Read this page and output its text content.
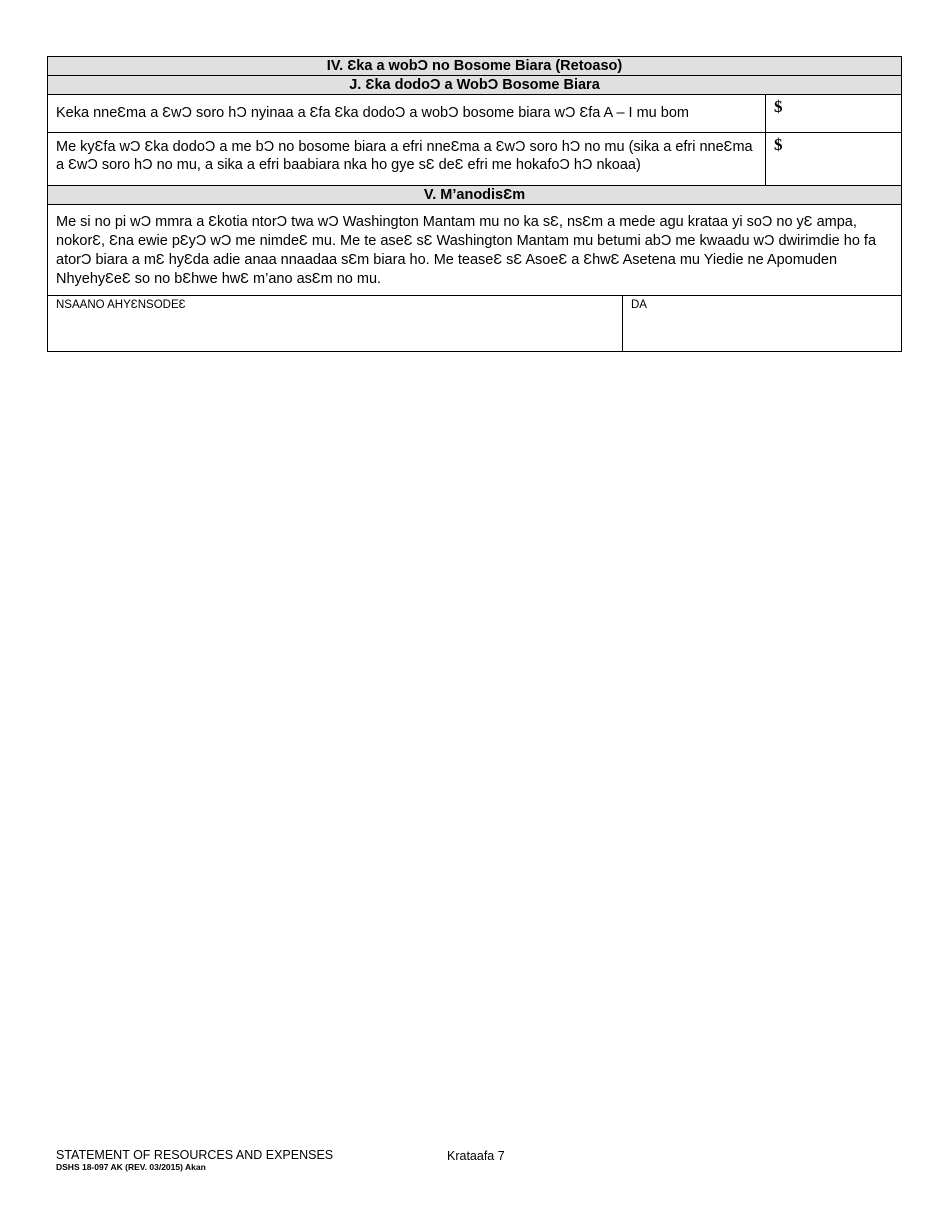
IV. Ɛka a wobƆ no Bosome Biara (Retoaso)
J. Ɛka dodoƆ a WobƆ Bosome Biara
Keka nneƐma a ƐwƆ soro hƆ nyinaa a Ɛfa Ɛka dodoƆ a wobƆ bosome biara wƆ Ɛfa A – I mu bom	$
Me kyƐfa wƆ Ɛka dodoƆ a me bƆ no bosome biara a efri nneƐma a ƐwƆ soro hƆ no mu (sika a efri nneƐma a ƐwƆ soro hƆ no mu, a sika a efri baabiara nka ho gye sƐ deƐ efri me hokafoƆ hƆ nkoaa)
$
V. M’anodisƐm
Me si no pi wƆ mmra a Ɛkotia ntorƆ twa wƆ Washington Mantam mu no ka sƐ, nsƐm a mede agu krataa yi soƆ no yƐ ampa, nokorƐ, Ɛna ewie pƐyƆ wƆ me nimdeƐ mu. Me te aseƐ sƐ Washington Mantam mu betumi abƆ me kwaadu wƆ dwirimdie ho fa atorƆ biara a mƐ hyƐda adie anaa nnaadaa sƐm biara ho. Me teaseƐ sƐ AsoeƐ a ƐhwƐ Asetena mu Yiedie ne Apomuden NhyehyƐeƐ so no bƐhwe hwƐ m’ano asƐm no mu.
NSAANO AHYƐNSODEƐ	DA
STATEMENT OF RESOURCES AND EXPENSES
DSHS 18-097 AK (REV. 03/2015) Akan
Krataafa 7
